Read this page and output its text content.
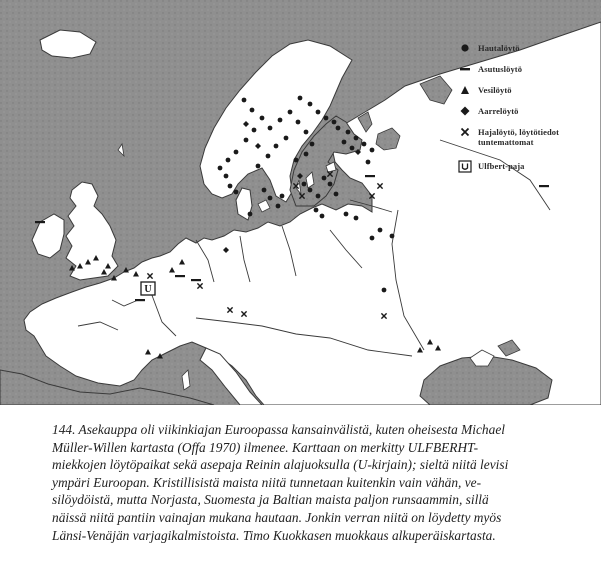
U
Hautalöytö
Asutuslöytö
Vesilöytö
Aarrelöytö
Hajalöytö, löytötiedot tuntemattomat
Ulfbert-paja
144. Asekauppa oli viikinkiajan Euroopassa kansainvälistä, kuten oheisesta Michael
Müller-Willen kartasta (Offa 1970) ilmenee. Karttaan on merkitty ULFBERHT-
miekkojen löytöpaikat sekä asepaja Reinin alajuoksulla (U-kirjain); sieltä niitä levisi
ympäri Euroopan. Kristillisistä maista niitä tunnetaan kuitenkin vain vähän, ve-
silöydöistä, mutta Norjasta, Suomesta ja Baltian maista paljon runsaammin, sillä
näissä niitä pantiin vainajan mukana hautaan. Jonkin verran niitä on löydetty myös
Länsi-Venäjän varjagikalmistoista. Timo Kuokkasen muokkaus alkuperäiskartasta.
